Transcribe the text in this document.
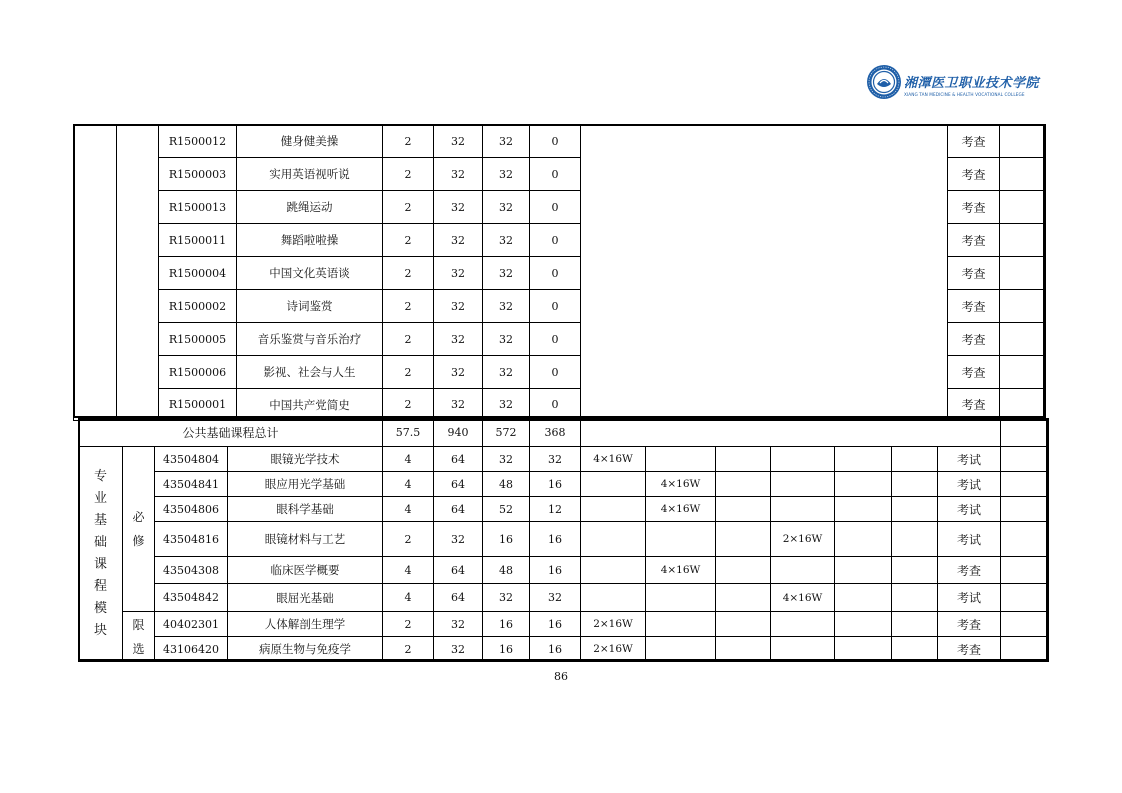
湘潭医卫职业技术学院
XIANG TAN MEDICINE & HEALTH VOCATIONAL COLLEGE
		R1500012	健身健美操	2	32	32	0		考查	
		R1500003	实用英语视听说	2	32	32	0		考查	
		R1500013	跳绳运动	2	32	32	0		考查	
		R1500011	舞蹈啦啦操	2	32	32	0		考查	
		R1500004	中国文化英语谈	2	32	32	0		考查	
		R1500002	诗词鉴赏	2	32	32	0		考查	
		R1500005	音乐鉴赏与音乐治疗	2	32	32	0		考查	
		R1500006	影视、社会与人生	2	32	32	0		考查	
		R1500001	中国共产党简史	2	32	32	0		考查	
公共基础课程总计				57.5	940	572	368								
专业基础课程模块	必修	43504804	眼镜光学技术	4	64	32	32	4×16W						考试	
		43504841	眼应用光学基础	4	64	48	16		4×16W					考试	
		43504806	眼科学基础	4	64	52	12		4×16W					考试	
		43504816	眼镜材料与工艺	2	32	16	16				2×16W			考试	
		43504308	临床医学概要	4	64	48	16		4×16W					考查	
		43504842	眼屈光基础	4	64	32	32				4×16W			考试	
	限选	40402301	人体解剖生理学	2	32	16	16	2×16W						考查	
		43106420	病原生物与免疫学	2	32	16	16	2×16W						考查	
86
